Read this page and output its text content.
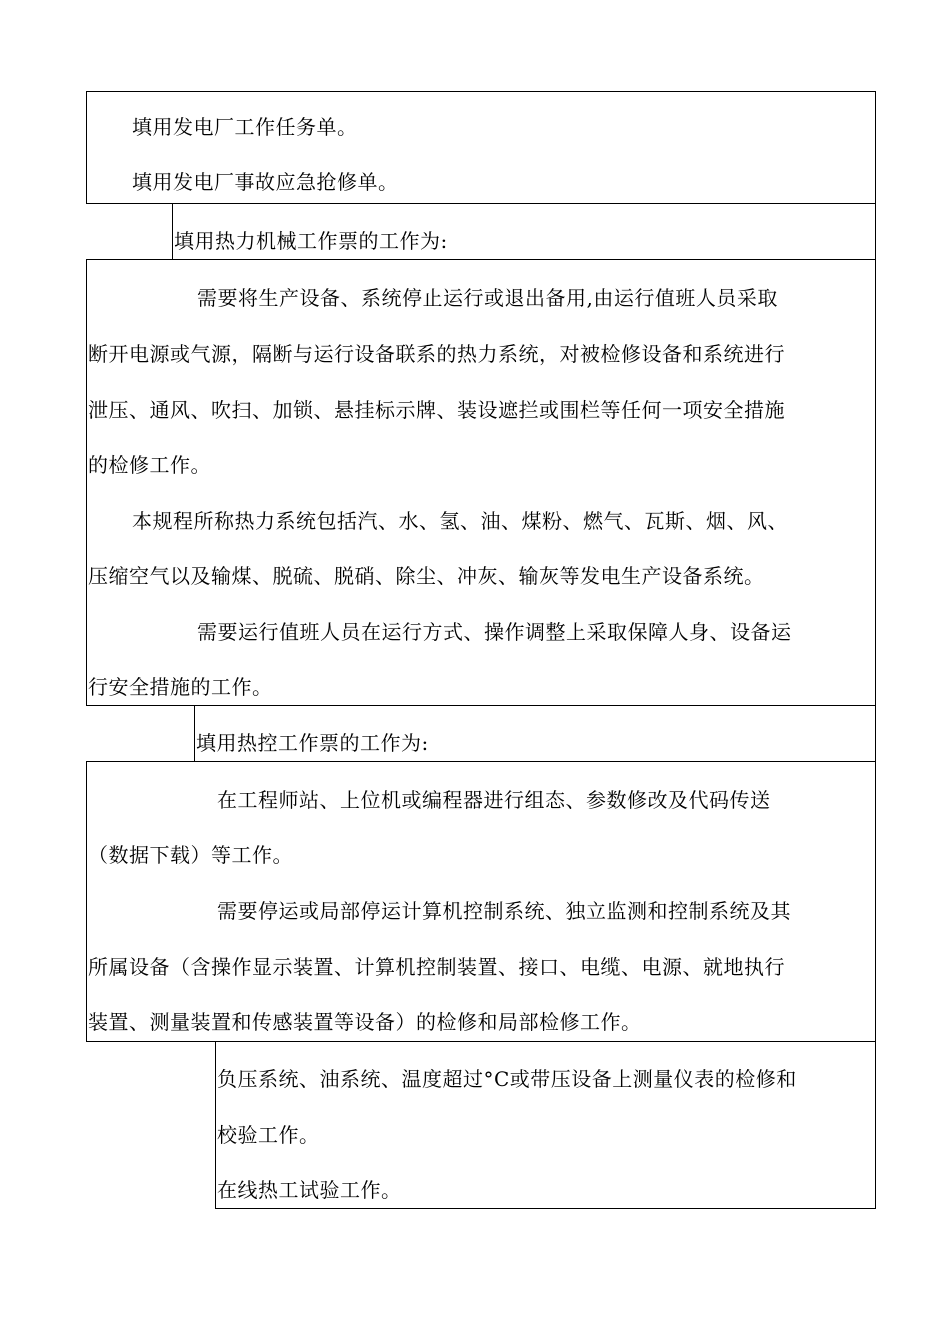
填用发电厂工作任务单。
填用发电厂事故应急抢修单。
填用热力机械工作票的工作为:
需要将生产设备、系统停止运行或退出备用,由运行值班人员采取
断开电源或气源，隔断与运行设备联系的热力系统，对被检修设备和系统进行
泄压、通风、吹扫、加锁、悬挂标示牌、装设遮拦或围栏等任何一项安全措施
的检修工作。
本规程所称热力系统包括汽、水、氢、油、煤粉、燃气、瓦斯、烟、风、
压缩空气以及输煤、脱硫、脱硝、除尘、冲灰、输灰等发电生产设备系统。
需要运行值班人员在运行方式、操作调整上采取保障人身、设备运
行安全措施的工作。
填用热控工作票的工作为:
在工程师站、上位机或编程器进行组态、参数修改及代码传送
（数据下载）等工作。
需要停运或局部停运计算机控制系统、独立监测和控制系统及其
所属设备（含操作显示装置、计算机控制装置、接口、电缆、电源、就地执行
装置、测量装置和传感装置等设备）的检修和局部检修工作。
负压系统、油系统、温度超过°C或带压设备上测量仪表的检修和
校验工作。
在线热工试验工作。
